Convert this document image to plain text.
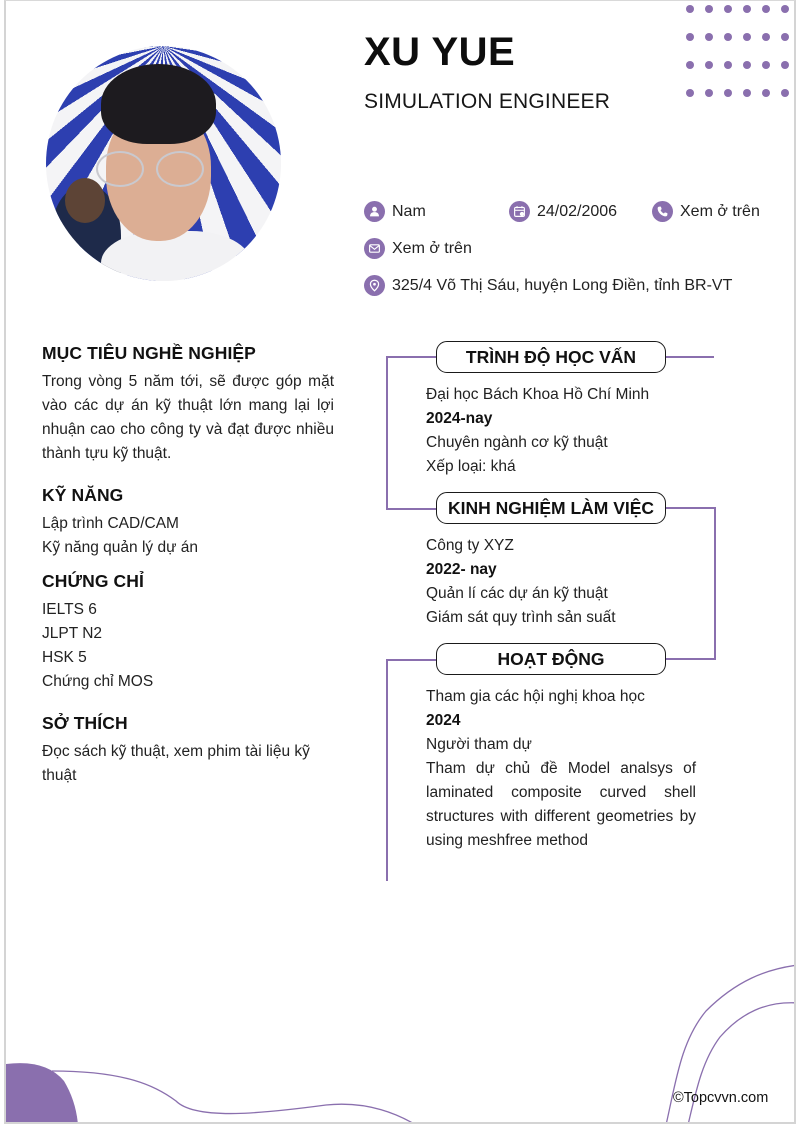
XU YUE
SIMULATION ENGINEER
Nam	24/02/2006	Xem ở trên
Xem ở trên
325/4 Võ Thị Sáu, huyện Long Điền, tỉnh BR-VT
MỤC TIÊU NGHỀ NGHIỆP
Trong vòng 5 năm tới, sẽ được góp mặt vào các dự án kỹ thuật lớn mang lại lợi nhuận cao cho công ty và đạt được nhiều thành tựu kỹ thuật.
KỸ NĂNG
Lập trình CAD/CAM
Kỹ năng quản lý dự án
CHỨNG CHỈ
IELTS 6
JLPT N2
HSK 5
Chứng chỉ MOS
SỞ THÍCH
Đọc sách kỹ thuật, xem phim tài liệu kỹ thuật
TRÌNH ĐỘ HỌC VẤN
Đại học Bách Khoa Hồ Chí Minh
2024-nay
Chuyên ngành cơ kỹ thuật
Xếp loại: khá
KINH NGHIỆM LÀM VIỆC
Công ty XYZ
2022- nay
Quản lí các dự án kỹ thuật
Giám sát quy trình sản suất
HOẠT ĐỘNG
Tham gia các hội nghị khoa học
2024
Người tham dự
Tham dự chủ đề Model analsys of laminated composite curved shell structures with different geometries by using meshfree method
©Topcvvn.com
